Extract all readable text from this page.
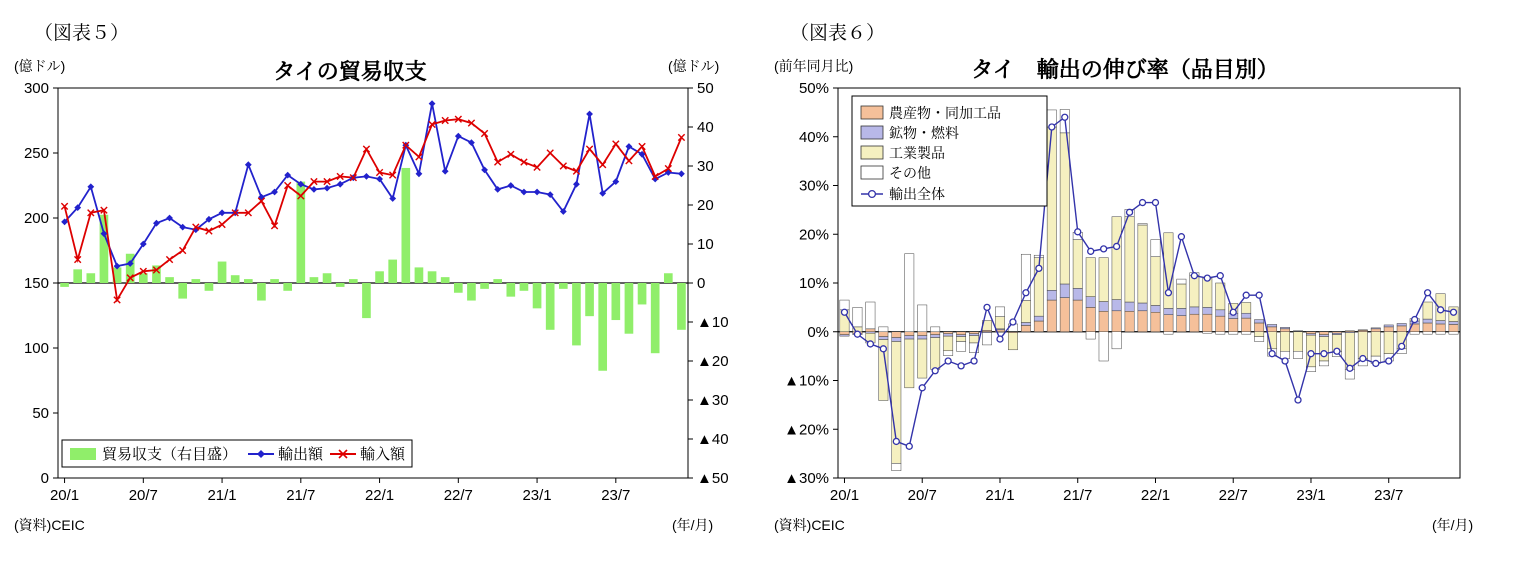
（図表５）
(億ドル)	(億ドル)
タイの貿易収支
(資料)CEIC	(年/月)
0
50
100
150
200
250
300
▲50
▲40
▲30
▲20
▲10
0
10
20
30
40
50
20/1	20/7	21/1	21/7	22/1	22/7	23/1	23/7
貿易収支（右目盛）	輸出額 輸入額
（図表６）
(前年同月比)	タイ　輸出の伸び率（品目別）
(資料)CEIC	(年/月)
50%
40%
30%
20%
10%
0%
▲10%
▲20%
▲30%
20/1	20/7	21/1	21/7	22/1	22/7	23/1	23/7
農産物・同加工品
鉱物・燃料
工業製品
その他
輸出全体
